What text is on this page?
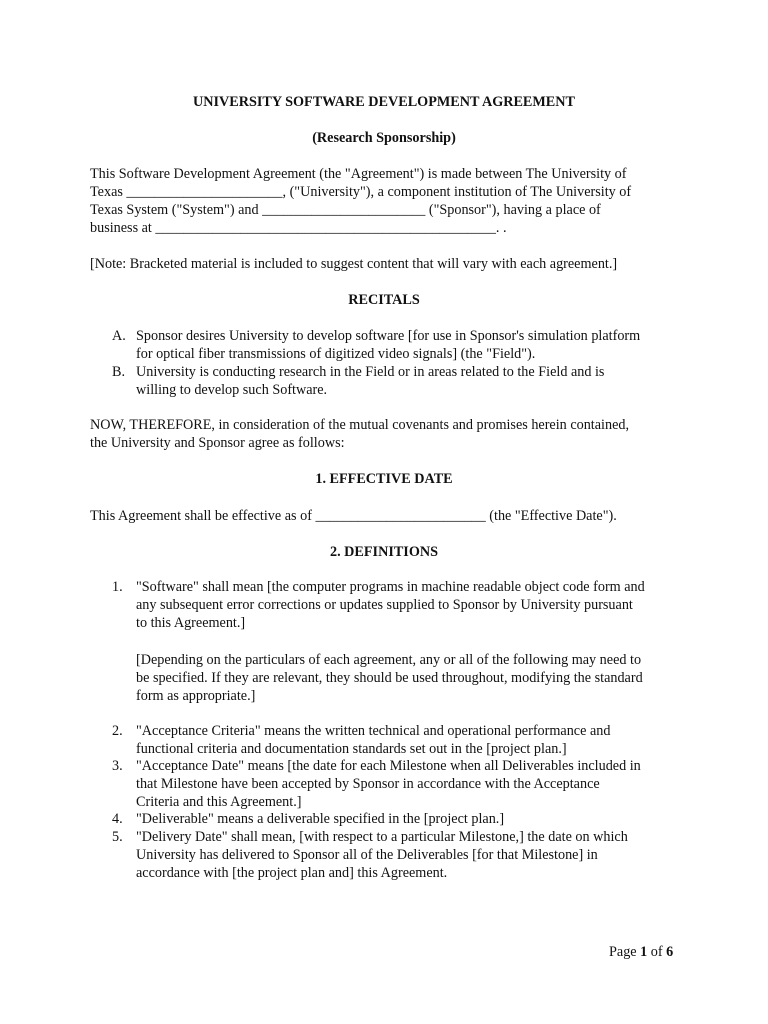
UNIVERSITY SOFTWARE DEVELOPMENT AGREEMENT
(Research Sponsorship)
This Software Development Agreement (the "Agreement") is made between The University of
Texas ______________________, ("University"), a component institution of The University of
Texas System ("System") and _______________________ ("Sponsor"), having a place of
business at ________________________________________________. .
[Note: Bracketed material is included to suggest content that will vary with each agreement.]
RECITALS
A. Sponsor desires University to develop software [for use in Sponsor's simulation platform
for optical fiber transmissions of digitized video signals] (the "Field").
B. University is conducting research in the Field or in areas related to the Field and is
willing to develop such Software.
NOW, THEREFORE, in consideration of the mutual covenants and promises herein contained,
the University and Sponsor agree as follows:
1. EFFECTIVE DATE
This Agreement shall be effective as of ________________________ (the "Effective Date").
2. DEFINITIONS
1. "Software" shall mean [the computer programs in machine readable object code form and
any subsequent error corrections or updates supplied to Sponsor by University pursuant
to this Agreement.]
[Depending on the particulars of each agreement, any or all of the following may need to
be specified. If they are relevant, they should be used throughout, modifying the standard
form as appropriate.]
2. "Acceptance Criteria" means the written technical and operational performance and
functional criteria and documentation standards set out in the [project plan.]
3. "Acceptance Date" means [the date for each Milestone when all Deliverables included in
that Milestone have been accepted by Sponsor in accordance with the Acceptance
Criteria and this Agreement.]
4. "Deliverable" means a deliverable specified in the [project plan.]
5. "Delivery Date" shall mean, [with respect to a particular Milestone,] the date on which
University has delivered to Sponsor all of the Deliverables [for that Milestone] in
accordance with [the project plan and] this Agreement.
Page 1 of 6
